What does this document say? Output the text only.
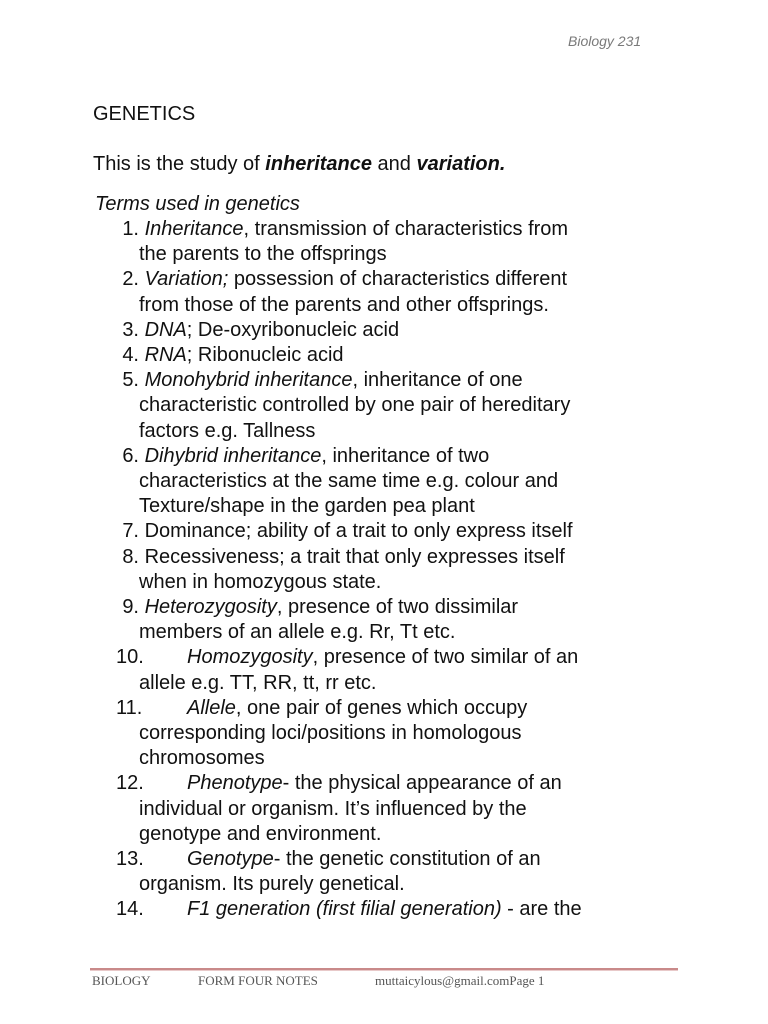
Biology 231
GENETICS
This is the study of inheritance and variation.
Terms used in genetics
1. Inheritance, transmission of characteristics from
the parents to the offsprings
2. Variation; possession of characteristics different
from those of the parents and other offsprings.
3. DNA; De-oxyribonucleic acid
4. RNA; Ribonucleic acid
5. Monohybrid inheritance, inheritance of one
characteristic controlled by one pair of hereditary
factors e.g. Tallness
6. Dihybrid inheritance, inheritance of two
characteristics at the same time e.g. colour and
Texture/shape in the garden pea plant
7. Dominance; ability of a trait to only express itself
8. Recessiveness; a trait that only expresses itself
when in homozygous state.
9. Heterozygosity, presence of two dissimilar
members of an allele e.g. Rr, Tt etc.
10. Homozygosity, presence of two similar of an
allele e.g. TT, RR, tt, rr etc.
11. Allele, one pair of genes which occupy
corresponding loci/positions in homologous
chromosomes
12. Phenotype- the physical appearance of an
individual or organism. It’s influenced by the
genotype and environment.
13. Genotype- the genetic constitution of an
organism. Its purely genetical.
14. F1 generation (first filial generation) - are the
BIOLOGY	FORM FOUR NOTES	muttaicylous@gmail.comPage 1
